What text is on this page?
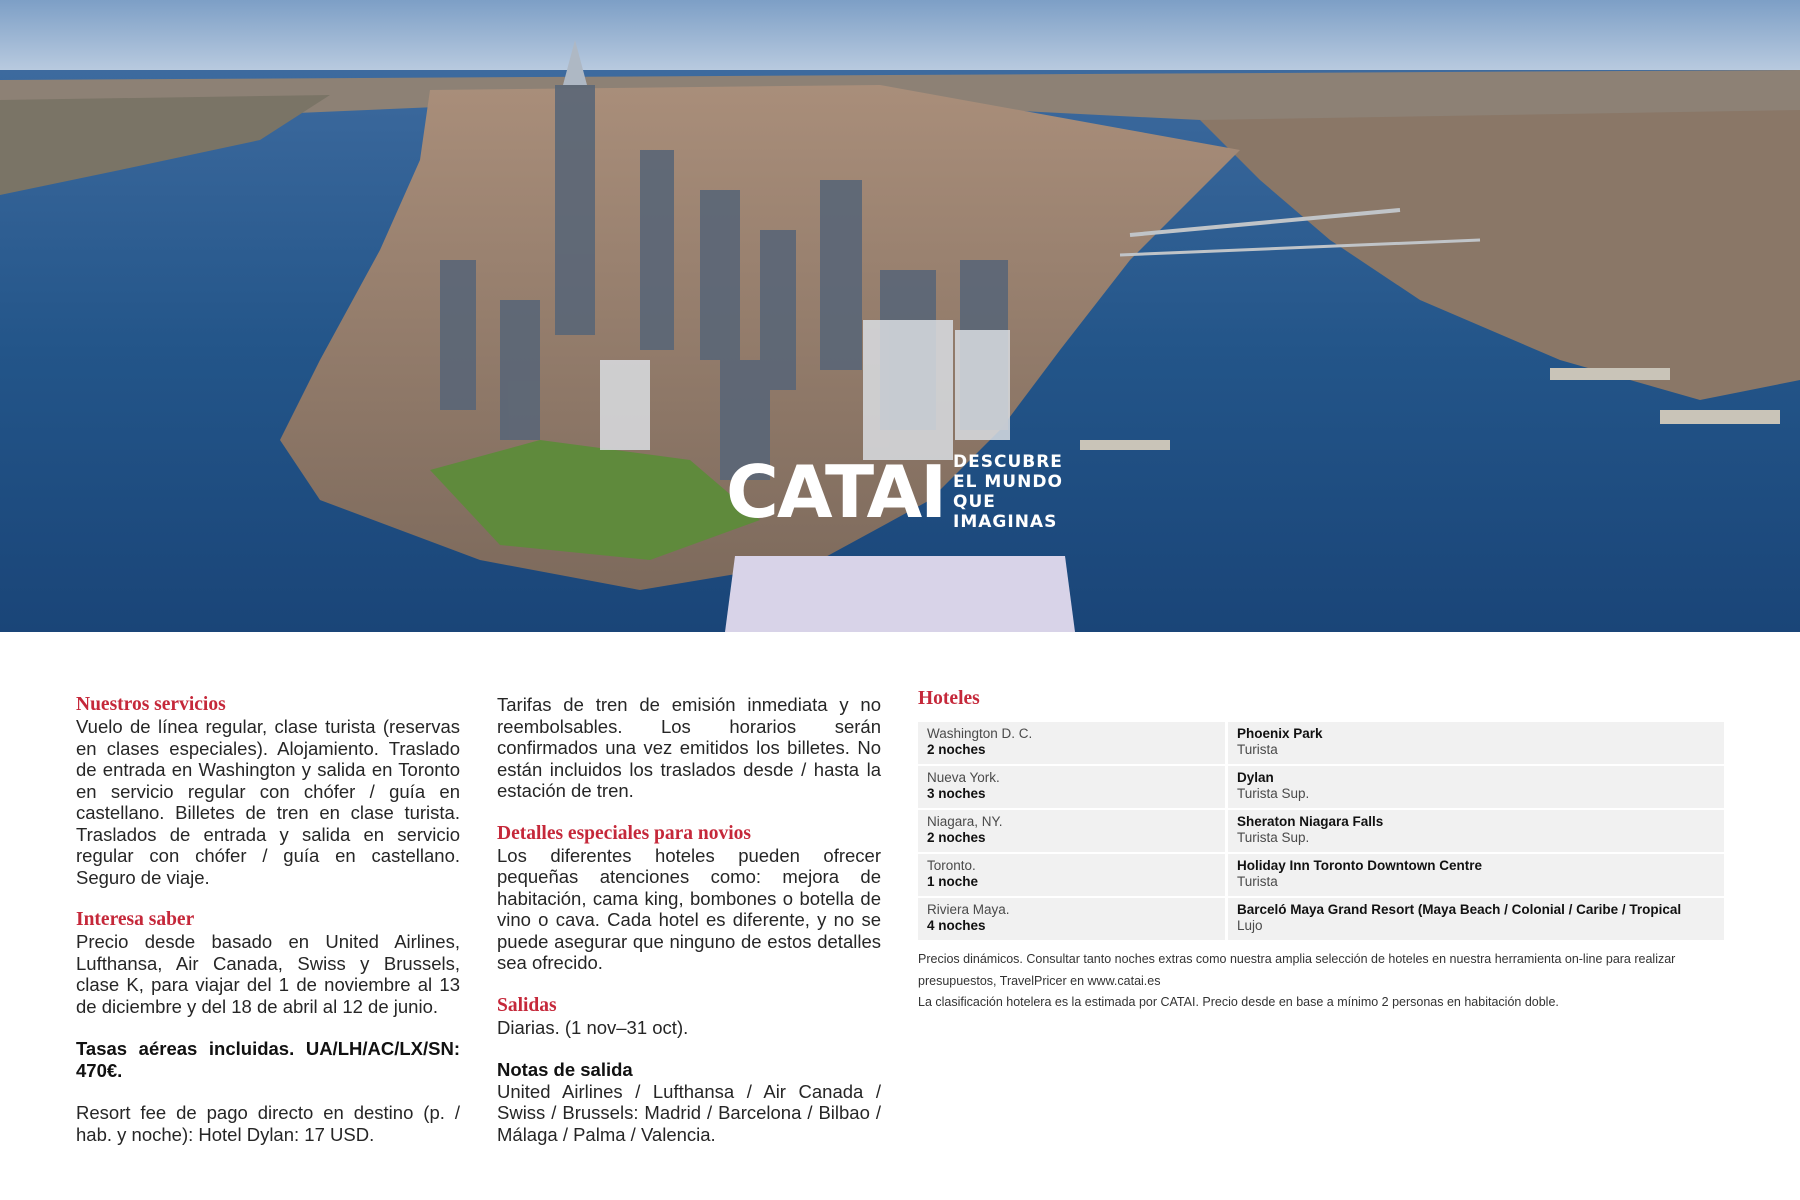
CATAI DESCUBRE EL MUNDO QUE IMAGINAS
Nuestros servicios

Vuelo de línea regular, clase turista (reservas en clases especiales). Alojamiento. Traslado de entrada en Washington y salida en Toronto en servicio regular con chófer / guía en castellano. Billetes de tren en clase turista. Traslados de entrada y salida en servicio regular con chófer / guía en castellano. Seguro de viaje.

Interesa saber

Precio desde basado en United Airlines, Lufthansa, Air Canada, Swiss y Brussels, clase K, para viajar del 1 de noviembre al 13 de diciembre y del 18 de abril al 12 de junio.

Tasas aéreas incluidas. UA/LH/AC/LX/SN: 470€.

Resort fee de pago directo en destino (p. / hab. y noche): Hotel Dylan: 17 USD.

Tarifas de tren de emisión inmediata y no reembolsables. Los horarios serán confirmados una vez emitidos los billetes. No están incluidos los traslados desde / hasta la estación de tren.

Detalles especiales para novios

Los diferentes hoteles pueden ofrecer pequeñas atenciones como: mejora de habitación, cama king, bombones o botella de vino o cava. Cada hotel es diferente, y no se puede asegurar que ninguno de estos detalles sea ofrecido.

Salidas

Diarias. (1 nov–31 oct).

Notas de salida

United Airlines / Lufthansa / Air Canada / Swiss / Brussels: Madrid / Barcelona / Bilbao / Málaga / Palma / Valencia.

Hoteles
Washington D. C.
2 noches
Phoenix Park
Turista
Nueva York.
3 noches
Dylan
Turista Sup.
Niagara, NY.
2 noches
Sheraton Niagara Falls
Turista Sup.
Toronto.
1 noche
Holiday Inn Toronto Downtown Centre
Turista
Riviera Maya.
4 noches
Barceló Maya Grand Resort (Maya Beach / Colonial / Caribe / Tropical
Lujo

Precios dinámicos. Consultar tanto noches extras como nuestra amplia selección de hoteles en nuestra herramienta on-line para realizar presupuestos, TravelPricer en www.catai.es

La clasificación hotelera es la estimada por CATAI. Precio desde en base a mínimo 2 personas en habitación doble.
